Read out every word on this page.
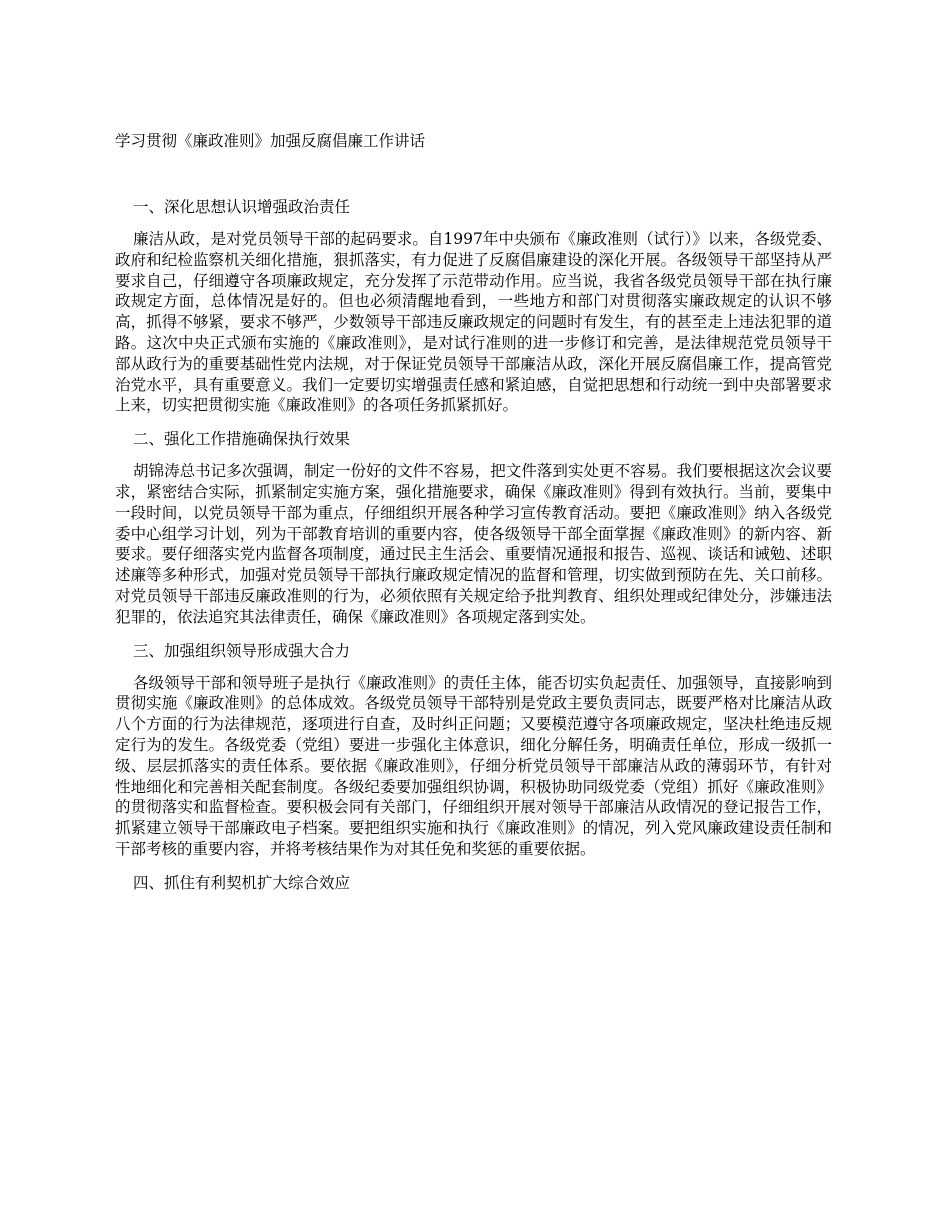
学习贯彻《廉政准则》加强反腐倡廉工作讲话

一、深化思想认识增强政治责任

廉洁从政，是对党员领导干部的起码要求。自1997年中央颁布《廉政准则（试行）》以来，各级党委、政府和纪检监察机关细化措施，狠抓落实，有力促进了反腐倡廉建设的深化开展。各级领导干部坚持从严要求自己，仔细遵守各项廉政规定，充分发挥了示范带动作用。应当说，我省各级党员领导干部在执行廉政规定方面，总体情况是好的。但也必须清醒地看到，一些地方和部门对贯彻落实廉政规定的认识不够高，抓得不够紧，要求不够严，少数领导干部违反廉政规定的问题时有发生，有的甚至走上违法犯罪的道路。这次中央正式颁布实施的《廉政准则》，是对试行准则的进一步修订和完善，是法律规范党员领导干部从政行为的重要基础性党内法规，对于保证党员领导干部廉洁从政，深化开展反腐倡廉工作，提高管党治党水平，具有重要意义。我们一定要切实增强责任感和紧迫感，自觉把思想和行动统一到中央部署要求上来，切实把贯彻实施《廉政准则》的各项任务抓紧抓好。

二、强化工作措施确保执行效果

胡锦涛总书记多次强调，制定一份好的文件不容易，把文件落到实处更不容易。我们要根据这次会议要求，紧密结合实际，抓紧制定实施方案，强化措施要求，确保《廉政准则》得到有效执行。当前，要集中一段时间，以党员领导干部为重点，仔细组织开展各种学习宣传教育活动。要把《廉政准则》纳入各级党委中心组学习计划，列为干部教育培训的重要内容，使各级领导干部全面掌握《廉政准则》的新内容、新要求。要仔细落实党内监督各项制度，通过民主生活会、重要情况通报和报告、巡视、谈话和诫勉、述职述廉等多种形式，加强对党员领导干部执行廉政规定情况的监督和管理，切实做到预防在先、关口前移。对党员领导干部违反廉政准则的行为，必须依照有关规定给予批判教育、组织处理或纪律处分，涉嫌违法犯罪的，依法追究其法律责任，确保《廉政准则》各项规定落到实处。

三、加强组织领导形成强大合力

各级领导干部和领导班子是执行《廉政准则》的责任主体，能否切实负起责任、加强领导，直接影响到贯彻实施《廉政准则》的总体成效。各级党员领导干部特别是党政主要负责同志，既要严格对比廉洁从政八个方面的行为法律规范，逐项进行自查，及时纠正问题；又要模范遵守各项廉政规定，坚决杜绝违反规定行为的发生。各级党委（党组）要进一步强化主体意识，细化分解任务，明确责任单位，形成一级抓一级、层层抓落实的责任体系。要依据《廉政准则》，仔细分析党员领导干部廉洁从政的薄弱环节，有针对性地细化和完善相关配套制度。各级纪委要加强组织协调，积极协助同级党委（党组）抓好《廉政准则》的贯彻落实和监督检查。要积极会同有关部门，仔细组织开展对领导干部廉洁从政情况的登记报告工作，抓紧建立领导干部廉政电子档案。要把组织实施和执行《廉政准则》的情况，列入党风廉政建设责任制和干部考核的重要内容，并将考核结果作为对其任免和奖惩的重要依据。

四、抓住有利契机扩大综合效应
